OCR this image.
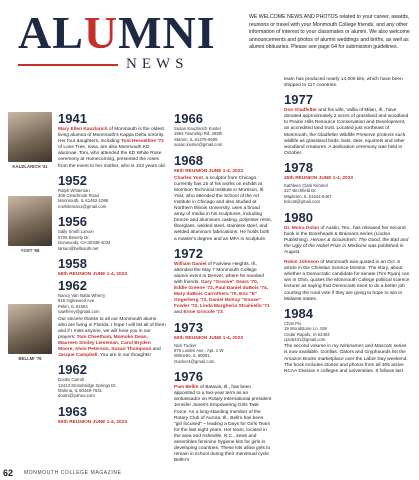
ALUMNI
NEWS
WE WELCOME NEWS AND PHOTOS related to your career, awards, reunions or travel with your Monmouth College friends, and any other information of interest to your classmates or alumni. We also welcome announcements and photos of alumni weddings and births, as well as alumni obituaries. Please see page 64 for submission guidelines.
KAUZLARICH '41
YOST '68
BELLMI '76
1941
Mary Ellen Kauzlarich of Monmouth is the oldest living alumna of Monmouth's Kappa Delta sorority. Her four daughters, including Toni Hesseltine '72 of Lone Tree, Iowa, are also Monmouth KD alumnae. Toni, who attended the KD White Rose ceremony at Homecoming, presented the roses from the event to her mother, who is 103 years old.
1952
Ralph Whiteman
309 Clearbrook Road
Monmouth, IL 61462-1098
rcwhiteman1@gmail.com
1956
Sally Smith Larson
5725 Beverly Dr.
Dunwoody, GA 30338-4034
larsun@bellsouth.net
1958
65th REUNION JUNE 1-4, 2023
1962
Nancy Van Natta Wherry
916 Inglewood Ave.
Pekin, IL 61554
nawherry@gmail.com
Our sincere thanks to all our Monmouth alums who are living in Florida. I hope I will list all of them and if I miss anyone, we will hear you in our prayers: Tom Cheetham, Momoko Dean, Maureen Smiley Lieseman, Carol Bryden Moore, Alvin Peterson, Susan Thompson and Jacque Campbell. You are in our thoughts!
1962
Dooks Carroll
12413 Stonebridge Springs Dr.
Molena, IL 60448-7631
dooks@yahoo.com
1963
60th REUNION JUNE 1-4, 2023
1966
Susan Kauzlarich Kuster
1963 Township Rd. 285th
Stamm, IL 61478-9606
susan.kuster@gmail.com
1968
55th REUNION JUNE 1-4, 2023
Charles Yost, a sculptor from Chicago, currently has 15 of his works on exhibit at Morrison Technical Institute in Morrison, Ill. Yost, who attended the School of the Art Institute in Chicago and also studied at Northern Illinois University, uses a broad array of media in his sculptures, including bronze and aluminum casting, polyester resin, fiberglass, welded steel, stainless steel, and welded aluminum fabrications. He holds both a master's degree and an MFA in sculpture.
1972
William Daniel of Fairview Heights, Ill., attended the May 7 Monmouth College alumni event in Denver, where he reunited with friends, Gary "Groove" Sears '70, Eddie Greene '72, Paul Daniel duBois '74, Mary duBois Carrothers '70, Eric "E" Ongerberg '72, Daniel McKay "Goose" Fowler '72, Linda Margherio Strainiello '71 and Ernie Grocole '73.
1973
50th REUNION JUNE 1-4, 2023
Nick Tucker
875 Linden Ave., Apt. 1 W
Wilmette, IL 60091
ntucker4@gmail.com
1976
Pam Bellm of Batavia, Ill., has been appointed to a two-year term as an ambassador on Rotary International president Jennifer Jones's Empowering Girls Task Force. As a long-standing member of the Rotary Club of Aurora, Ill., Bellm has been "girl focused" – leading a Days for Girls Team for the last eight years. Her team, located in the area and Asheville, N.C., sews and assembles feminine hygiene kits for girls in developing countries. These kits allow girls to remain in school during their menstrual cycle. Bellm's
team has produced nearly 14,000 kits, which have been shipped to 117 countries.
1977
Don Gladfelter and his wife, Vallia of Milan, Ill., have donated approximately 2 acres of grassland and woodland to Prairie Hills Resource Conservation and Development, an accredited land trust. Located just northeast of Monmouth, the Gladfelter Wildlife Preserve protects such wildlife as grassland birds, bats, deer, squirrels and other woodland creatures. A dedication ceremony was held in October.
1978
45th REUNION JUNE 1-4, 2023
Kathleen Clark Kimmel
227 Birchfield Dr.
Mapleton, IL 61544-5467
kckcat@gmail.com
1980
Dr. Moira Dolan of Austin, Tex., has released her second book in the Boneheads & Brainiacs series (Lindon Publishing). Heroes & Scoundrels: The Good, the Bad and the Ugly of the Nobel Prize in Medicine was published in August.
Robin Johnson of Monmouth was quoted in an Oct. 6 article in the Christian Science Monitor. The story, about whether a Democratic candidate for senate (Tim Ryan) can win in Ohio, quotes the Monmouth College political science lecturer as saying that Democrats need to do a better job courting the rural vote if they are going to hope to win in Midwest states.
1984
Chris Pio
19 Woodstone Ln. SW
Cedar Rapids, IA 52404
cpio5431@gmail.com
The second volume in my Nicknames and Mascots series is now available. Gorillas, Gators and Gryphounds list the Amazon Books marketplace over the Labor Day weekend. The book includes stories and photos from all 305 active NCAA Division II colleges and universities. It follows last
62 MONMOUTH COLLEGE MAGAZINE
